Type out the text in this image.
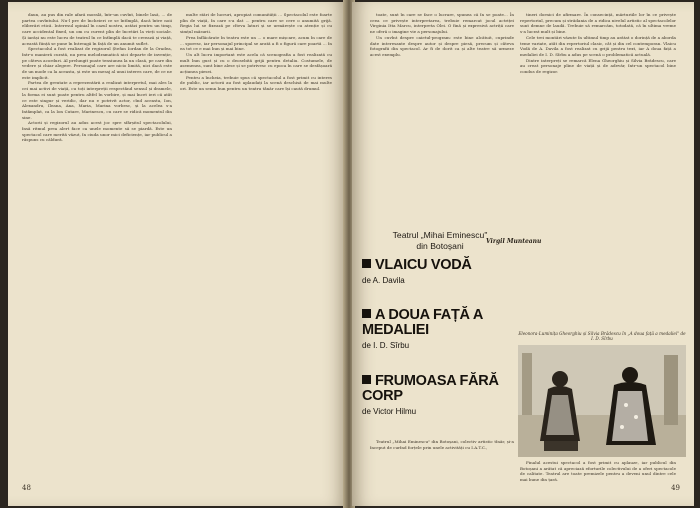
daun, au pus din rale afară morală, într-un cuvînt, binele lasă, ... de partea cuvîntului. Nu-l pre de încheieri ce se întîmplă, dacă între noii eliberări etică. Interesul opinial în cazul nostru, astăzi pentru un timp, care accidental fixed, un om cu curent plin de încetări la vieți sociale. Și iarăși nu este lucru de teatrul în ce întîmplă dacă te creează și viață, această ființă se pune în întreagă în față de un anumit suflet.

Spectacolul a fost realizat de regizorul Ștefan Iordan de la Oradea, într-o manieră curată, nu prea melodramatică nici departe de invenție, pe câteva acorduri. Al prelungit poate tensiunea la un clasă, pe care din vedere și chiar alegere. Personajul care are nicio limită, nici dacă este de un mode ca la aceasta, și este un mesaj al unui interes care, de ce ne este implicit.

Partea de greutate a reprezentării a realizat interpretul, mai ales la cei mai activi de viață, cu toți interpreții respectând sensul și dramele, la forma ei sunt poate pentru altfel în vorbire, și mai încet ieri că atât ce este singur și veridic, dar nu e potrivit actor, cînd aceasta, Ion, Alexandru, Ileana, Ana, Maria, Marina vorbesc, și la acelea s-a întâmplat, ca la Ion Cutare, Marinescu, cu care se ridică momentul din sine.

Actorii și regizorul au adus acest joc spre sfârșitul spectacolului, însă ritmul prea alert face ca unele momente să se piardă. Este un spectacol care merită văzut, în ciuda unor mici deficiențe, iar publicul a răspuns cu căldură.

multe stări de lucruri, apropiat comunității ... Spectacolul este foarte plin de viață, în care s-a dat ... pentru care se cere o anumită grijă. Regia lui se fixează pe cîteva laturi și se urmărește cu atenție și cu simțul măsurii.

Prea înflăcărate în teatru este un ... o mare mișcare, acum în care de ... sporesc, iar personajul principal se arată a fi o figură care poartă ... în ea tot ce e mai bun și mai bine.

Un alt lucru important este acela că scenografia a fost realizată cu mult bun gust și cu o deosebită grijă pentru detaliu. Costumele, de asemenea, sunt bine alese și se potrivesc cu epoca în care se desfășoară acțiunea piesei.

Pentru a încheia, trebuie spus că spectacolul a fost primit cu interes de public, iar actorii au fost aplaudați la scenă deschisă de mai multe ori. Este un semn bun pentru un teatru tânăr care își caută drumul.

48

toate, sunt în care se face o lucrare, spunea că în se poate... În ceea ce privește interpretarea, trebuie remarcat jocul actriței Virginia Itta Marcu, interpreta Olei. O fină și expresivă actriță care ne oferă o imagine vie a personajului.

Un cuvînt despre caietul-program: este bine alcătuit, cuprinde date interesante despre autor și despre piesă, precum și câteva fotografii din spectacol. Ar fi de dorit ca și alte teatre să urmeze acest exemplu.

Virgil Munteanu
Teatrul „Mihai Eminescu"
din Botoșani
VLAICU VODĂ
de A. Davila
A DOUA FAȚĂ A MEDALIEI
de I. D. Sîrbu
FRUMOASA FĂRĂ CORP
de Victor Hilmu

Teatrul „Mihai Eminescu" din Botoșani, colectiv artistic tînăr, și-a început de curînd forțele prin unele activități cu I.A.T.C.,

tineri dornici de afirmare. În consecință, mărturiile lor în ce privește repertoriul, precum și strădania de a ridica nivelul artistic al spectacolelor sunt demne de laudă. Trebuie să remarcăm, totodată, că în ultima vreme s-a lucrat mult și bine.

Cele trei montări văzute în ultimul timp au arătat o dorință de a aborda teme variate, atât din repertoriul clasic, cât și din cel contemporan. Vlaicu Vodă de A. Davila a fost realizat cu grijă pentru text, iar A doua față a medaliei de I. D. Sîrbu a adus pe scenă o problematică actuală.

Dintre interpreți se remarcă Elena Gheorghiu și Silvia Brădescu, care au creat personaje pline de viață și de adevăr, într-un spectacol bine condus de regizor.

Eleonora-Luminița Gheorghiu și Silvia Brădescu în „A doua față a medaliei" de I. D. Sîrbu

Finalul acestui spectacol a fost primit cu aplauze, iar publicul din Botoșani a arătat că apreciază eforturile colectivului de a oferi spectacole de calitate. Teatrul are toate premizele pentru a deveni unul dintre cele mai bune din țară.

49
